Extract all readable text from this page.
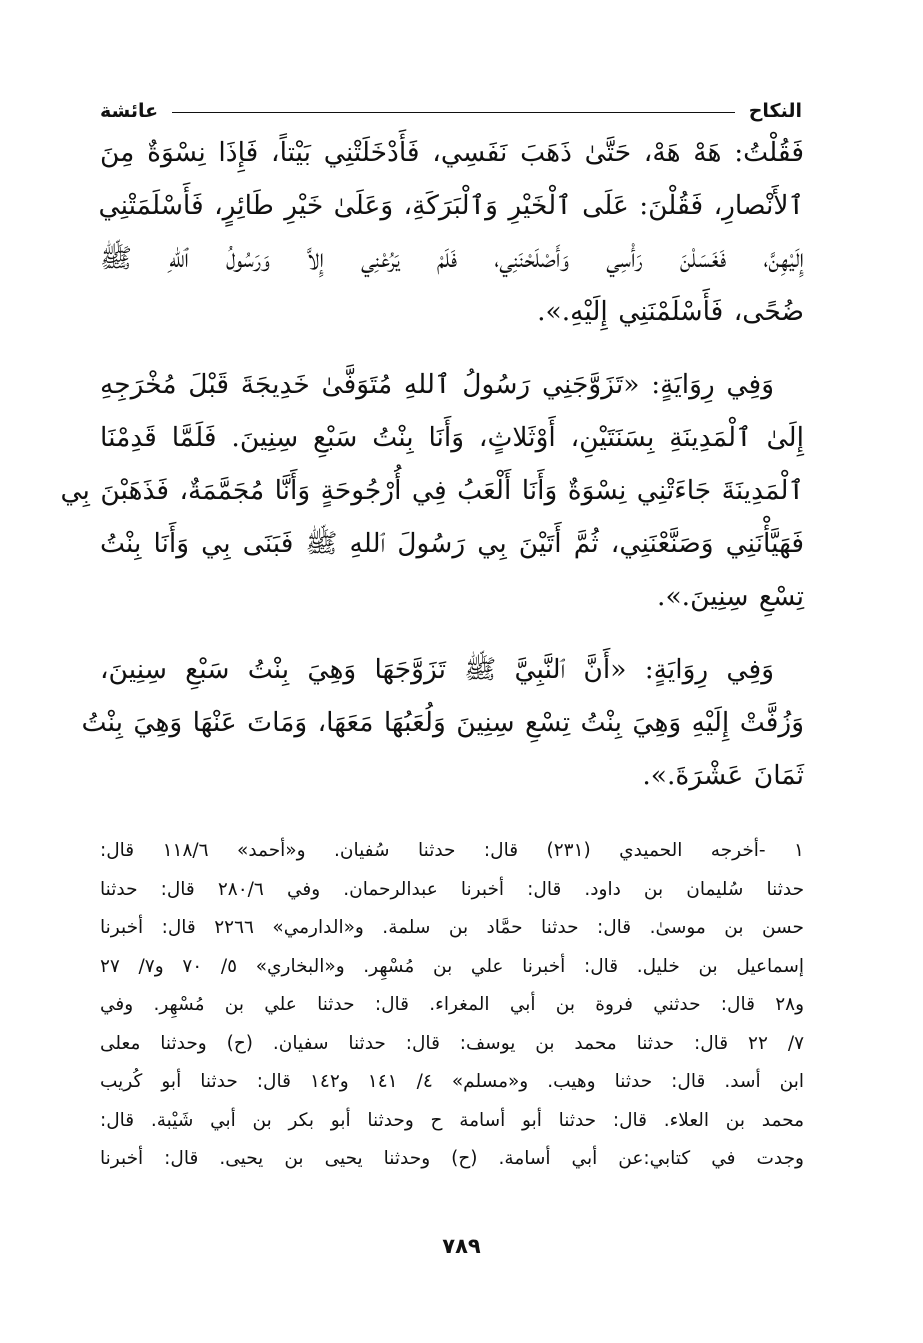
النكاح
عائشة
فَقُلْتُ: هَهْ هَهْ، حَتَّىٰ ذَهَبَ نَفَسِي، فَأَدْخَلَتْنِي بَيْتاً، فَإِذَا نِسْوَةٌ مِنَ
ٱلأَنْصارِ، فَقُلْنَ: عَلَى ٱلْخَيْرِ وَٱلْبَرَكَةِ، وَعَلَىٰ خَيْرِ طَائِرٍ، فَأَسْلَمَتْنِي
إِلَيْهِنَّ، فَغَسَلْنَ رَأْسِي وَأَصْلَحْنَنِي، فَلَمْ يَرُعْنِي إِلاَّ وَرَسُولُ ٱللهِ ﷺ
ضُحًى، فَأَسْلَمْنَنِي إِلَيْهِ.».
وَفِي رِوَايَةٍ: «تَزَوَّجَنِي رَسُولُ ٱللهِ مُتَوَفَّىٰ خَدِيجَةَ قَبْلَ مُخْرَجِهِ
إِلَىٰ ٱلْمَدِينَةِ بِسَنَتَيْنِ، أَوْثَلاثٍ، وَأَنَا بِنْتُ سَبْعِ سِنِينَ. فَلَمَّا قَدِمْنَا
ٱلْمَدِينَةَ جَاءَتْنِي نِسْوَةٌ وَأَنَا أَلْعَبُ فِي أُرْجُوحَةٍ وَأَنَّا مُجَمَّمَةٌ، فَذَهَبْنَ بِي
فَهَيَّأْنَنِي وَصَنَّعْنَنِي، ثُمَّ أَتَيْنَ بِي رَسُولَ ٱللهِ ﷺ فَبَنَى بِي وَأَنَا بِنْتُ
تِسْعِ سِنِينَ.».
وَفِي رِوَايَةٍ: «أَنَّ ٱلنَّبِيَّ ﷺ تَزَوَّجَهَا وَهِيَ بِنْتُ سَبْعِ سِنِينَ،
وَزُفَّتْ إِلَيْهِ وَهِيَ بِنْتُ تِسْعِ سِنِينَ وَلُعَبُهَا مَعَهَا، وَمَاتَ عَنْهَا وَهِيَ بِنْتُ
ثَمَانَ عَشْرَةَ.».
١ -أخرجه الحميدي (٢٣١) قال: حدثنا سُفيان. و«أحمد» ١١٨/٦ قال:
حدثنا سُليمان بن داود. قال: أخبرنا عبدالرحمان. وفي ٢٨٠/٦ قال: حدثنا
حسن بن موسىٰ. قال: حدثنا حمَّاد بن سلمة. و«الدارمي» ٢٢٦٦ قال: أخبرنا
إسماعيل بن خليل. قال: أخبرنا علي بن مُسْهِر. و«البخاري» ٥/ ٧٠ و٧/ ٢٧
و٢٨ قال: حدثني فروة بن أبي المغراء. قال: حدثنا علي بن مُسْهِر. وفي
٧/ ٢٢ قال: حدثنا محمد بن يوسف: قال: حدثنا سفيان. (ح) وحدثنا معلى
ابن أسد. قال: حدثنا وهيب. و«مسلم» ٤/ ١٤١ و١٤٢ قال: حدثنا أبو كُريب
محمد بن العلاء. قال: حدثنا أبو أسامة ح وحدثنا أبو بكر بن أبي شَيْبة. قال:
وجدت في كتابي:عن أبي أسامة. (ح) وحدثنا يحيى بن يحيى. قال: أخبرنا
٧٨٩
